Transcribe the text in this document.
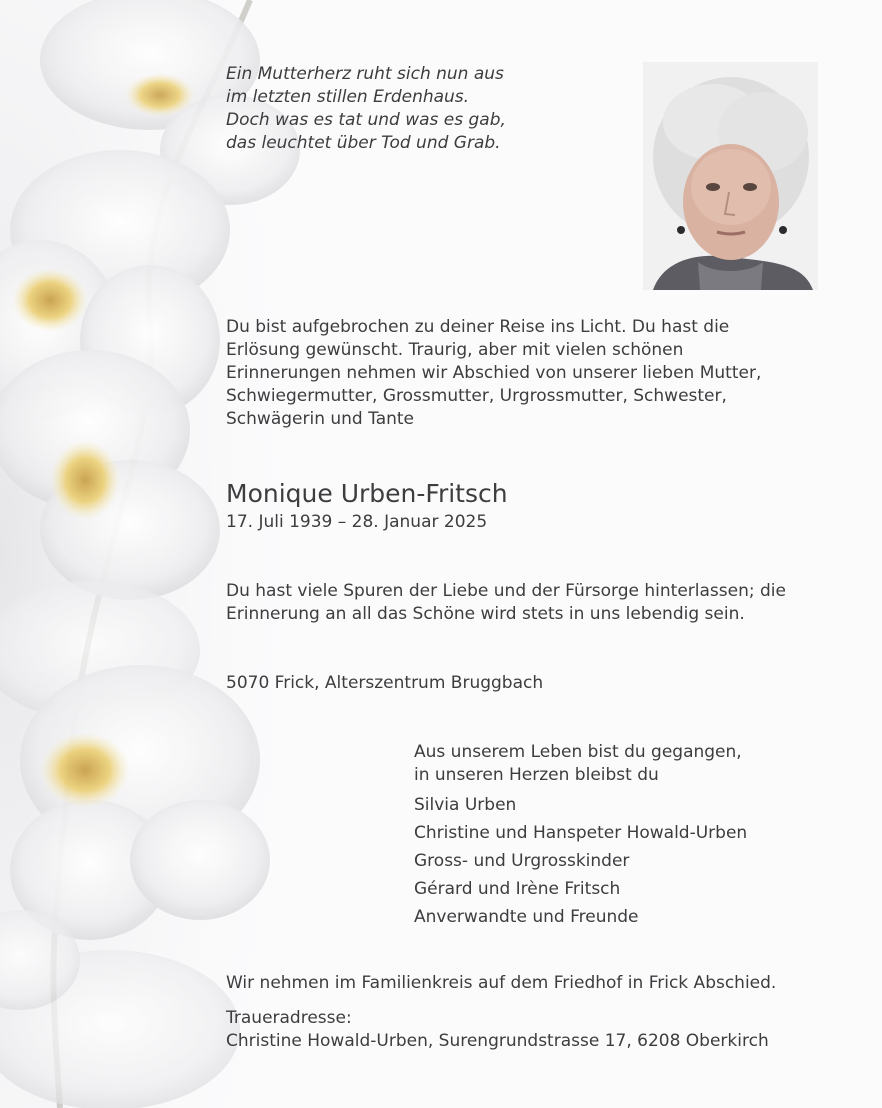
Ein Mutterherz ruht sich nun aus
im letzten stillen Erdenhaus.
Doch was es tat und was es gab,
das leuchtet über Tod und Grab.

Du bist aufgebrochen zu deiner Reise ins Licht. Du hast die
Erlösung gewünscht. Traurig, aber mit vielen schönen
Erinnerungen nehmen wir Abschied von unserer lieben Mutter,
Schwiegermutter, Grossmutter, Urgrossmutter, Schwester,
Schwägerin und Tante

Monique Urben-Fritsch

17. Juli 1939 – 28. Januar 2025

Du hast viele Spuren der Liebe und der Fürsorge hinterlassen; die
Erinnerung an all das Schöne wird stets in uns lebendig sein.

5070 Frick, Alterszentrum Bruggbach

Aus unserem Leben bist du gegangen,
in unseren Herzen bleibst du

Silvia Urben
Christine und Hanspeter Howald-Urben
Gross- und Urgrosskinder
Gérard und Irène Fritsch
Anverwandte und Freunde

Wir nehmen im Familienkreis auf dem Friedhof in Frick Abschied.

Traueradresse:

Christine Howald-Urben, Surengrundstrasse 17, 6208 Oberkirch
